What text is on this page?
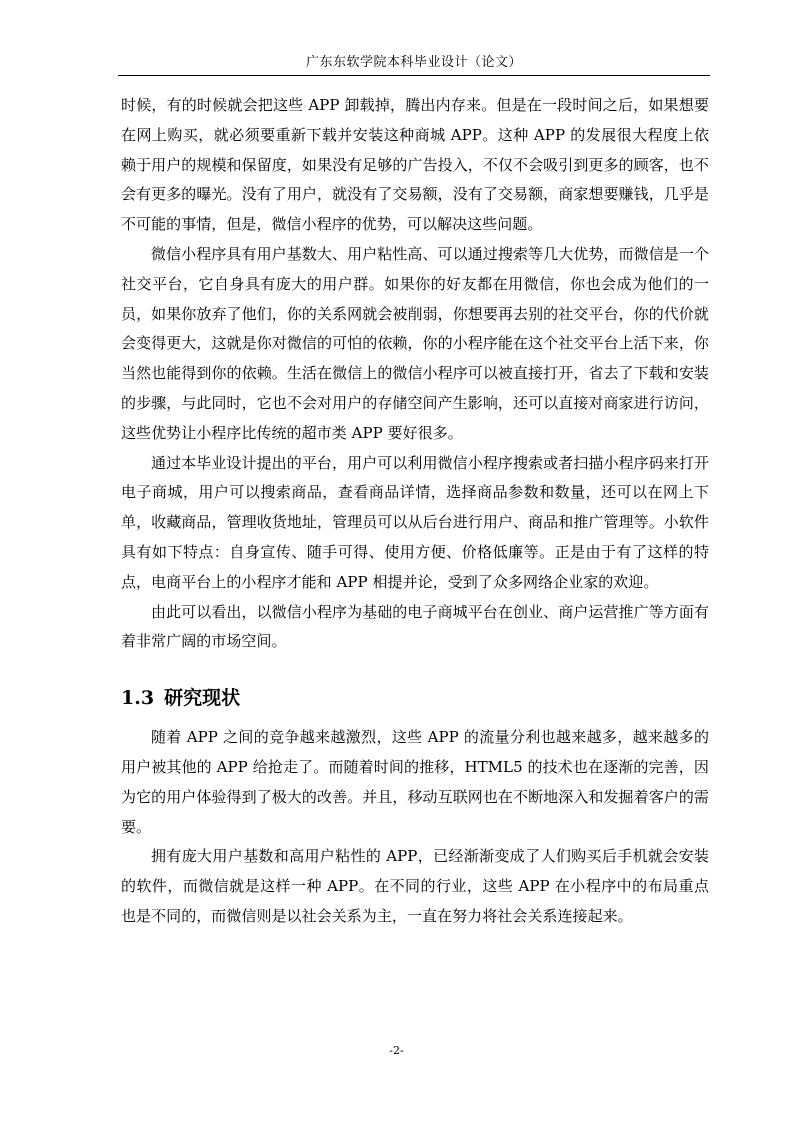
广东东软学院本科毕业设计（论文）

时候，有的时候就会把这些 APP 卸载掉，腾出内存来。但是在一段时间之后，如果想要在网上购买，就必须要重新下载并安装这种商城 APP。这种 APP 的发展很大程度上依赖于用户的规模和保留度，如果没有足够的广告投入，不仅不会吸引到更多的顾客，也不会有更多的曝光。没有了用户，就没有了交易额，没有了交易额，商家想要赚钱，几乎是不可能的事情，但是，微信小程序的优势，可以解决这些问题。

微信小程序具有用户基数大、用户粘性高、可以通过搜索等几大优势，而微信是一个社交平台，它自身具有庞大的用户群。如果你的好友都在用微信，你也会成为他们的一员，如果你放弃了他们，你的关系网就会被削弱，你想要再去别的社交平台，你的代价就会变得更大，这就是你对微信的可怕的依赖，你的小程序能在这个社交平台上活下来，你当然也能得到你的依赖。生活在微信上的微信小程序可以被直接打开，省去了下载和安装的步骤，与此同时，它也不会对用户的存储空间产生影响，还可以直接对商家进行访问，这些优势让小程序比传统的超市类 APP 要好很多。

通过本毕业设计提出的平台，用户可以利用微信小程序搜索或者扫描小程序码来打开电子商城，用户可以搜索商品，查看商品详情，选择商品参数和数量，还可以在网上下单，收藏商品，管理收货地址，管理员可以从后台进行用户、商品和推广管理等。小软件具有如下特点：自身宣传、随手可得、使用方便、价格低廉等。正是由于有了这样的特点，电商平台上的小程序才能和 APP 相提并论，受到了众多网络企业家的欢迎。

由此可以看出，以微信小程序为基础的电子商城平台在创业、商户运营推广等方面有着非常广阔的市场空间。

1.3 研究现状

随着 APP 之间的竞争越来越激烈，这些 APP 的流量分利也越来越多，越来越多的用户被其他的 APP 给抢走了。而随着时间的推移，HTML5 的技术也在逐渐的完善，因为它的用户体验得到了极大的改善。并且，移动互联网也在不断地深入和发掘着客户的需要。

拥有庞大用户基数和高用户粘性的 APP，已经渐渐变成了人们购买后手机就会安装的软件，而微信就是这样一种 APP。在不同的行业，这些 APP 在小程序中的布局重点也是不同的，而微信则是以社会关系为主，一直在努力将社会关系连接起来。

-2-
